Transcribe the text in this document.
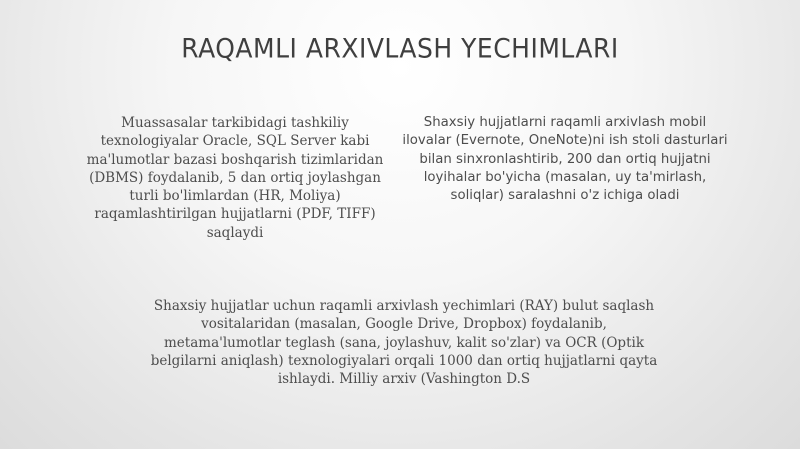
RAQAMLI ARXIVLASH YECHIMLARI

Muassasalar tarkibidagi tashkiliy texnologiyalar Oracle, SQL Server kabi ma'lumotlar bazasi boshqarish tizimlaridan (DBMS) foydalanib, 5 dan ortiq joylashgan turli bo'limlardan (HR, Moliya) raqamlashtirilgan hujjatlarni (PDF, TIFF) saqlaydi

Shaxsiy hujjatlarni raqamli arxivlash mobil ilovalar (Evernote, OneNote)ni ish stoli dasturlari bilan sinxronlashtirib, 200 dan ortiq hujjatni loyihalar bo'yicha (masalan, uy ta'mirlash, soliqlar) saralashni o'z ichiga oladi

Shaxsiy hujjatlar uchun raqamli arxivlash yechimlari (RAY) bulut saqlash vositalaridan (masalan, Google Drive, Dropbox) foydalanib, metama'lumotlar teglash (sana, joylashuv, kalit so'zlar) va OCR (Optik belgilarni aniqlash) texnologiyalari orqali 1000 dan ortiq hujjatlarni qayta ishlaydi. Milliy arxiv (Vashington D.S
